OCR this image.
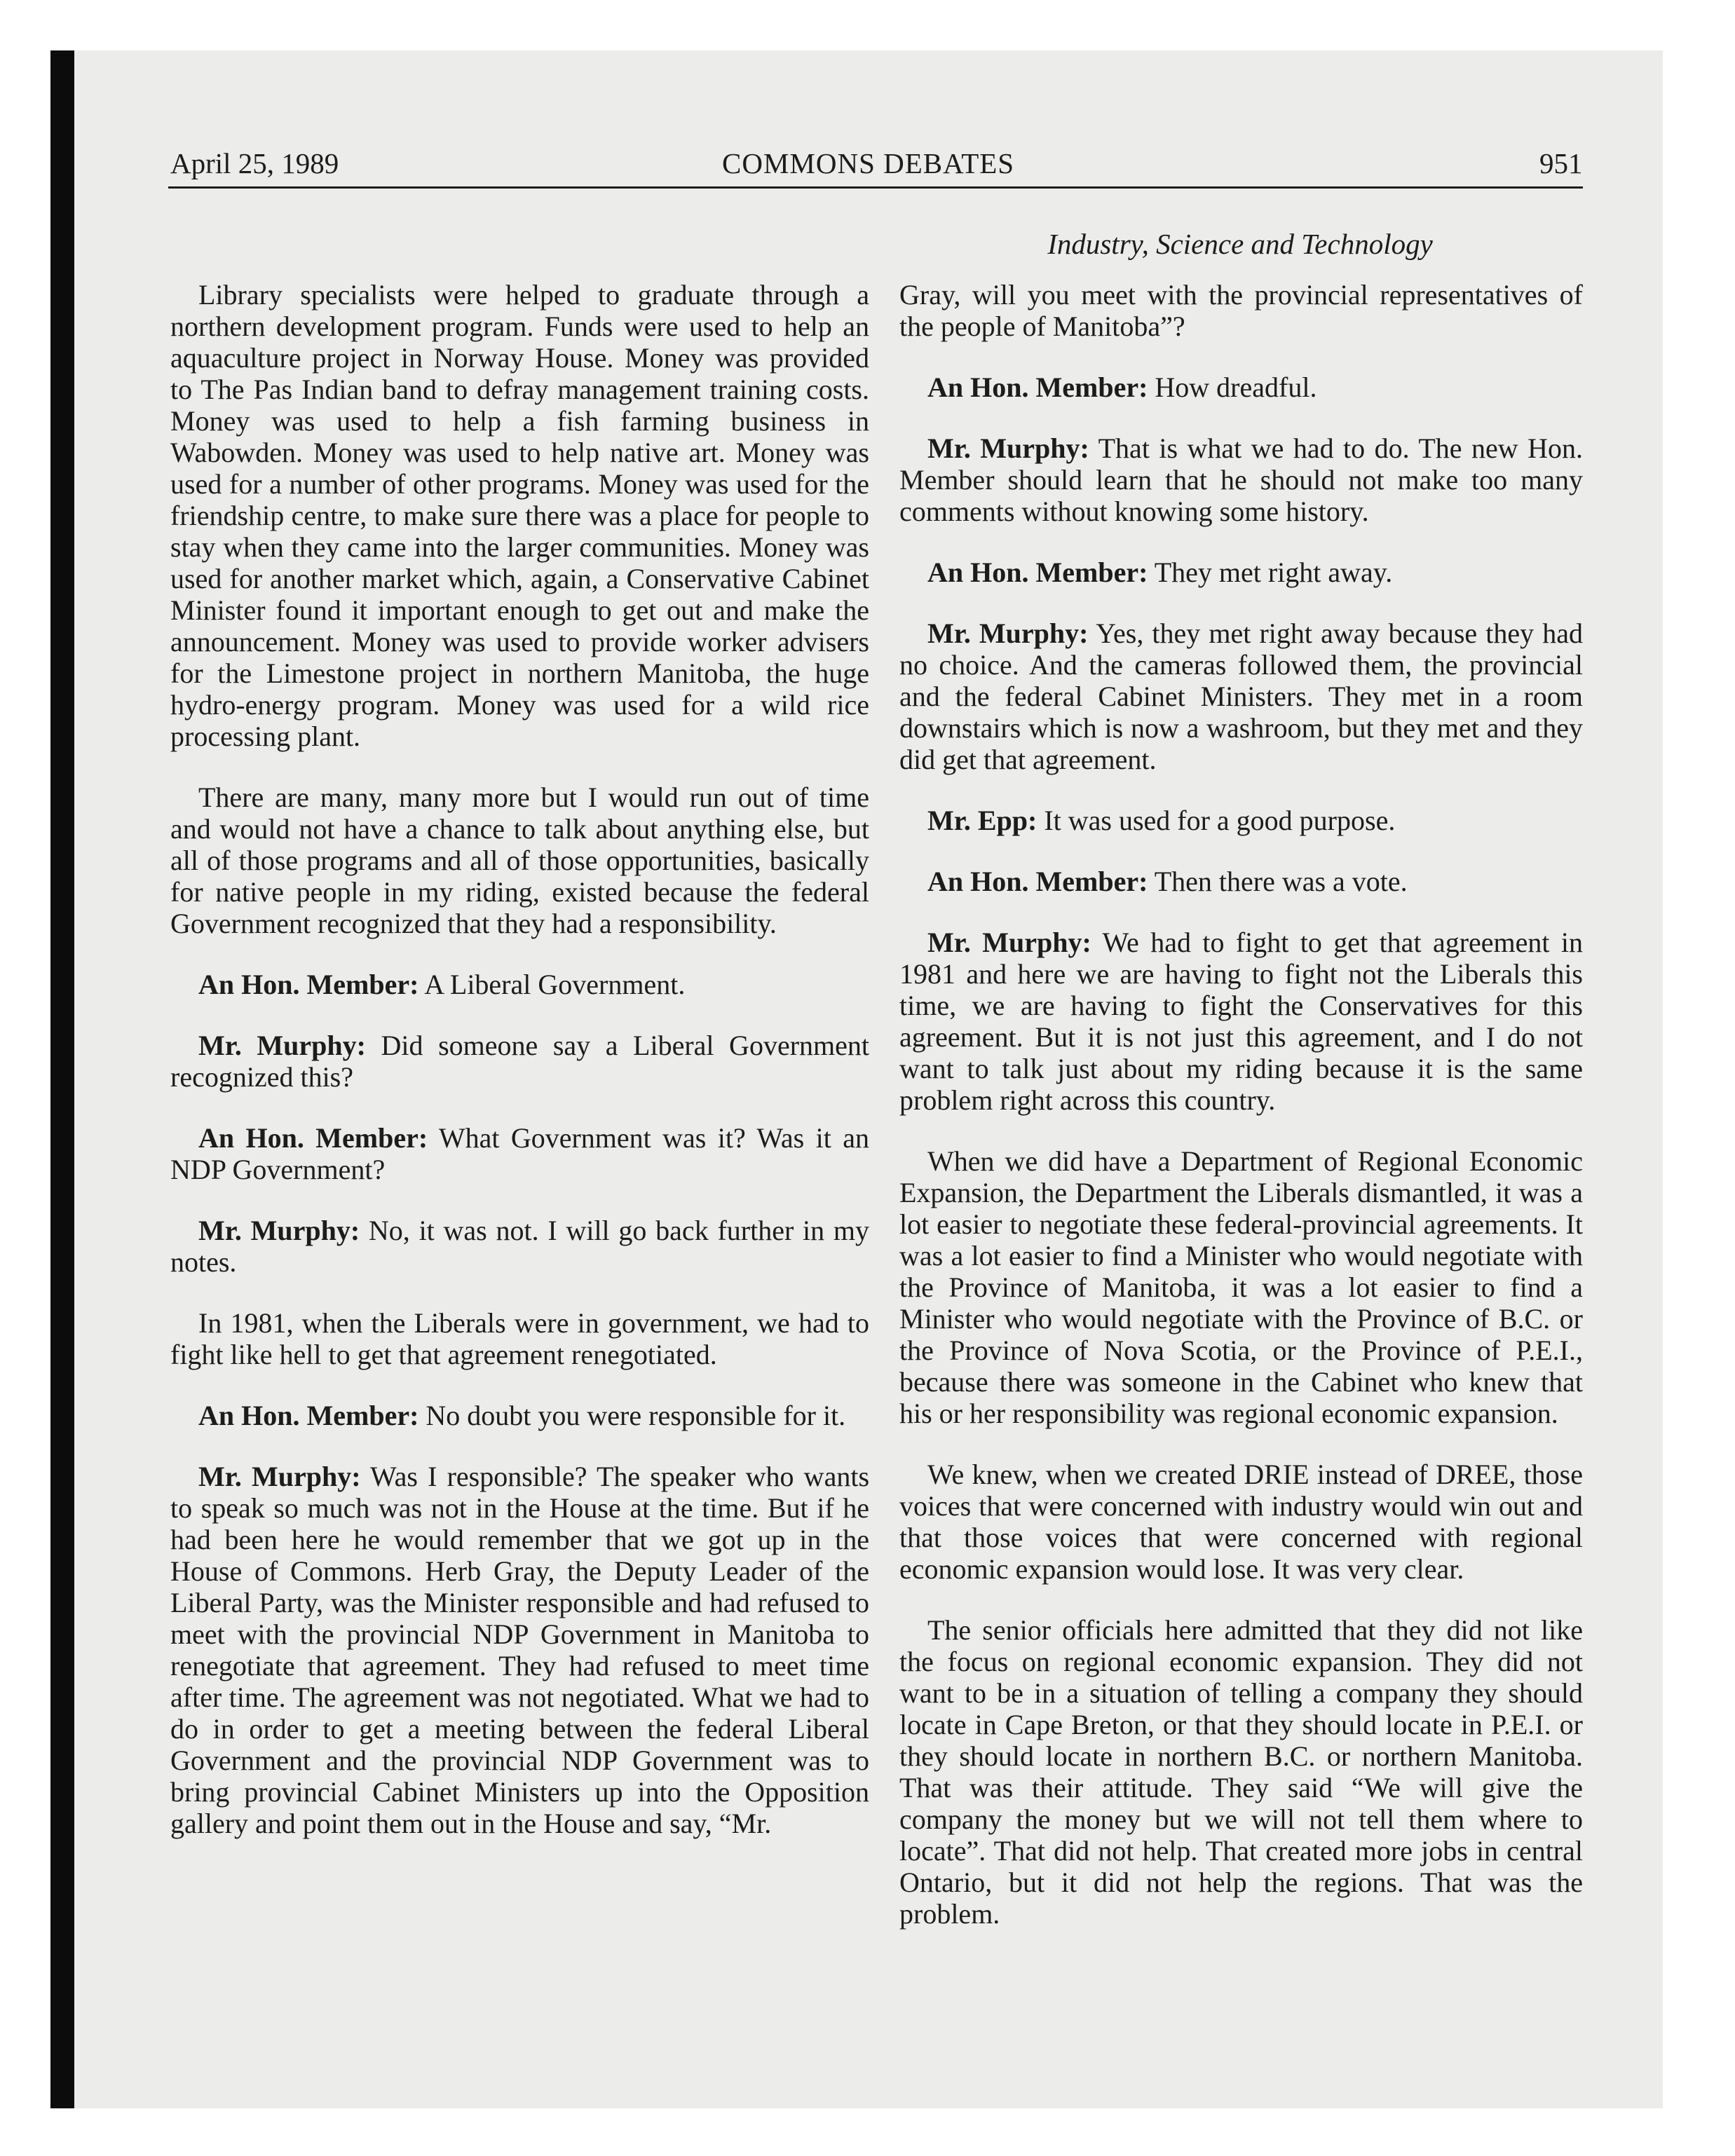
April 25, 1989	COMMONS DEBATES	951
Industry, Science and Technology

Library specialists were helped to graduate through a northern development program. Funds were used to help an aquaculture project in Norway House. Money was provided to The Pas Indian band to defray management training costs. Money was used to help a fish farming business in Wabowden. Money was used to help native art. Money was used for a number of other programs. Money was used for the friendship centre, to make sure there was a place for people to stay when they came into the larger communities. Money was used for another market which, again, a Conservative Cabinet Minister found it important enough to get out and make the announcement. Money was used to provide worker advisers for the Limestone project in northern Manitoba, the huge hydro-energy program. Money was used for a wild rice processing plant.

There are many, many more but I would run out of time and would not have a chance to talk about anything else, but all of those programs and all of those opportunities, basically for native people in my riding, existed because the federal Government recognized that they had a responsibility.

An Hon. Member: A Liberal Government.

Mr. Murphy: Did someone say a Liberal Government recognized this?

An Hon. Member: What Government was it? Was it an NDP Government?

Mr. Murphy: No, it was not. I will go back further in my notes.

In 1981, when the Liberals were in government, we had to fight like hell to get that agreement renegotiated.

An Hon. Member: No doubt you were responsible for it.

Mr. Murphy: Was I responsible? The speaker who wants to speak so much was not in the House at the time. But if he had been here he would remember that we got up in the House of Commons. Herb Gray, the Deputy Leader of the Liberal Party, was the Minister responsible and had refused to meet with the provincial NDP Government in Manitoba to renegotiate that agreement. They had refused to meet time after time. The agreement was not negotiated. What we had to do in order to get a meeting between the federal Liberal Government and the provincial NDP Government was to bring provincial Cabinet Ministers up into the Opposition gallery and point them out in the House and say, “Mr.

Gray, will you meet with the provincial representatives of the people of Manitoba”?

An Hon. Member: How dreadful.

Mr. Murphy: That is what we had to do. The new Hon. Member should learn that he should not make too many comments without knowing some history.

An Hon. Member: They met right away.

Mr. Murphy: Yes, they met right away because they had no choice. And the cameras followed them, the provincial and the federal Cabinet Ministers. They met in a room downstairs which is now a washroom, but they met and they did get that agreement.

Mr. Epp: It was used for a good purpose.

An Hon. Member: Then there was a vote.

Mr. Murphy: We had to fight to get that agreement in 1981 and here we are having to fight not the Liberals this time, we are having to fight the Conservatives for this agreement. But it is not just this agreement, and I do not want to talk just about my riding because it is the same problem right across this country.

When we did have a Department of Regional Economic Expansion, the Department the Liberals dismantled, it was a lot easier to negotiate these federal-provincial agreements. It was a lot easier to find a Minister who would negotiate with the Province of Manitoba, it was a lot easier to find a Minister who would negotiate with the Province of B.C. or the Province of Nova Scotia, or the Province of P.E.I., because there was someone in the Cabinet who knew that his or her responsibility was regional economic expansion.

We knew, when we created DRIE instead of DREE, those voices that were concerned with industry would win out and that those voices that were concerned with regional economic expansion would lose. It was very clear.

The senior officials here admitted that they did not like the focus on regional economic expansion. They did not want to be in a situation of telling a company they should locate in Cape Breton, or that they should locate in P.E.I. or they should locate in northern B.C. or northern Manitoba. That was their attitude. They said “We will give the company the money but we will not tell them where to locate”. That did not help. That created more jobs in central Ontario, but it did not help the regions. That was the problem.
